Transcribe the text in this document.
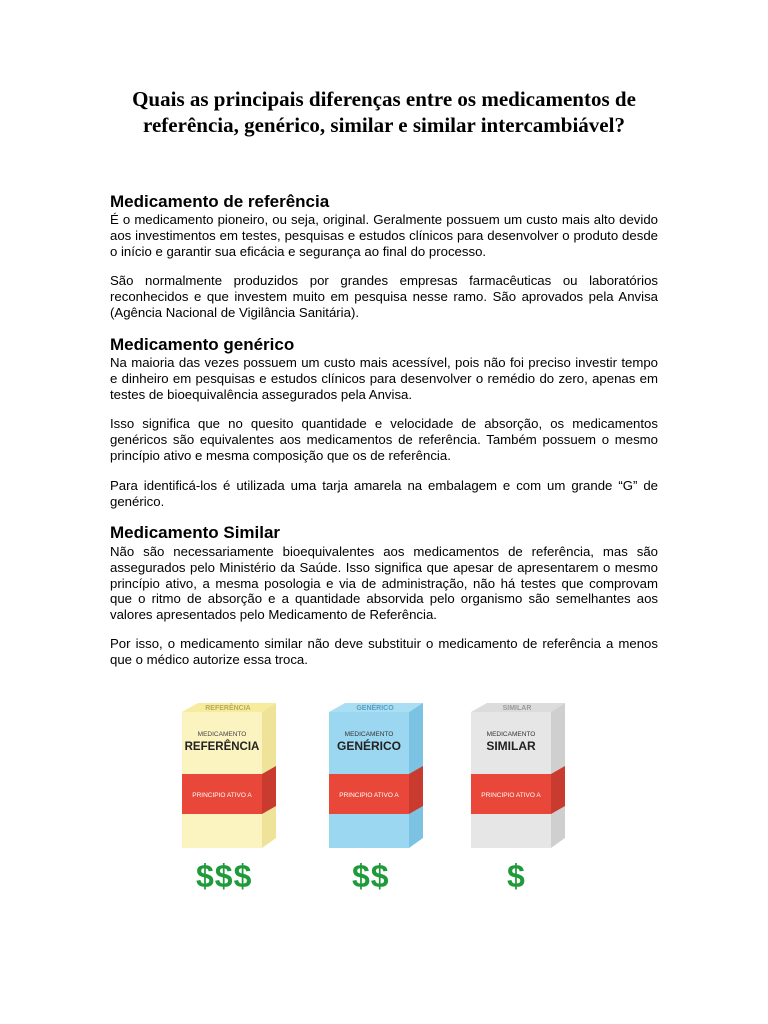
Quais as principais diferenças entre os medicamentos de referência, genérico, similar e similar intercambiável?
Medicamento de referência

É o medicamento pioneiro, ou seja, original. Geralmente possuem um custo mais alto devido aos investimentos em testes, pesquisas e estudos clínicos para desenvolver o produto desde o início e garantir sua eficácia e segurança ao final do processo.

São normalmente produzidos por grandes empresas farmacêuticas ou laboratórios reconhecidos e que investem muito em pesquisa nesse ramo. São aprovados pela Anvisa (Agência Nacional de Vigilância Sanitária).

Medicamento genérico

Na maioria das vezes possuem um custo mais acessível, pois não foi preciso investir tempo e dinheiro em pesquisas e estudos clínicos para desenvolver o remédio do zero, apenas em testes de bioequivalência assegurados pela Anvisa.

Isso significa que no quesito quantidade e velocidade de absorção, os medicamentos genéricos são equivalentes aos medicamentos de referência. Também possuem o mesmo princípio ativo e mesma composição que os de referência.

Para identificá-los é utilizada uma tarja amarela na embalagem e com um grande “G” de genérico.

Medicamento Similar

Não são necessariamente bioequivalentes aos medicamentos de referência, mas são assegurados pelo Ministério da Saúde. Isso significa que apesar de apresentarem o mesmo princípio ativo, a mesma posologia e via de administração, não há testes que comprovam que o ritmo de absorção e a quantidade absorvida pelo organismo são semelhantes aos valores apresentados pelo Medicamento de Referência.

Por isso, o medicamento similar não deve substituir o medicamento de referência a menos que o médico autorize essa troca.

REFERÊNCIA
MEDICAMENTO
REFERÊNCIA
PRINCIPIO ATIVO A
GENÉRICO
MEDICAMENTO
GENÉRICO
PRINCIPIO ATIVO A
SIMILAR
MEDICAMENTO
SIMILAR
PRINCIPIO ATIVO A
$$$	$$	$
